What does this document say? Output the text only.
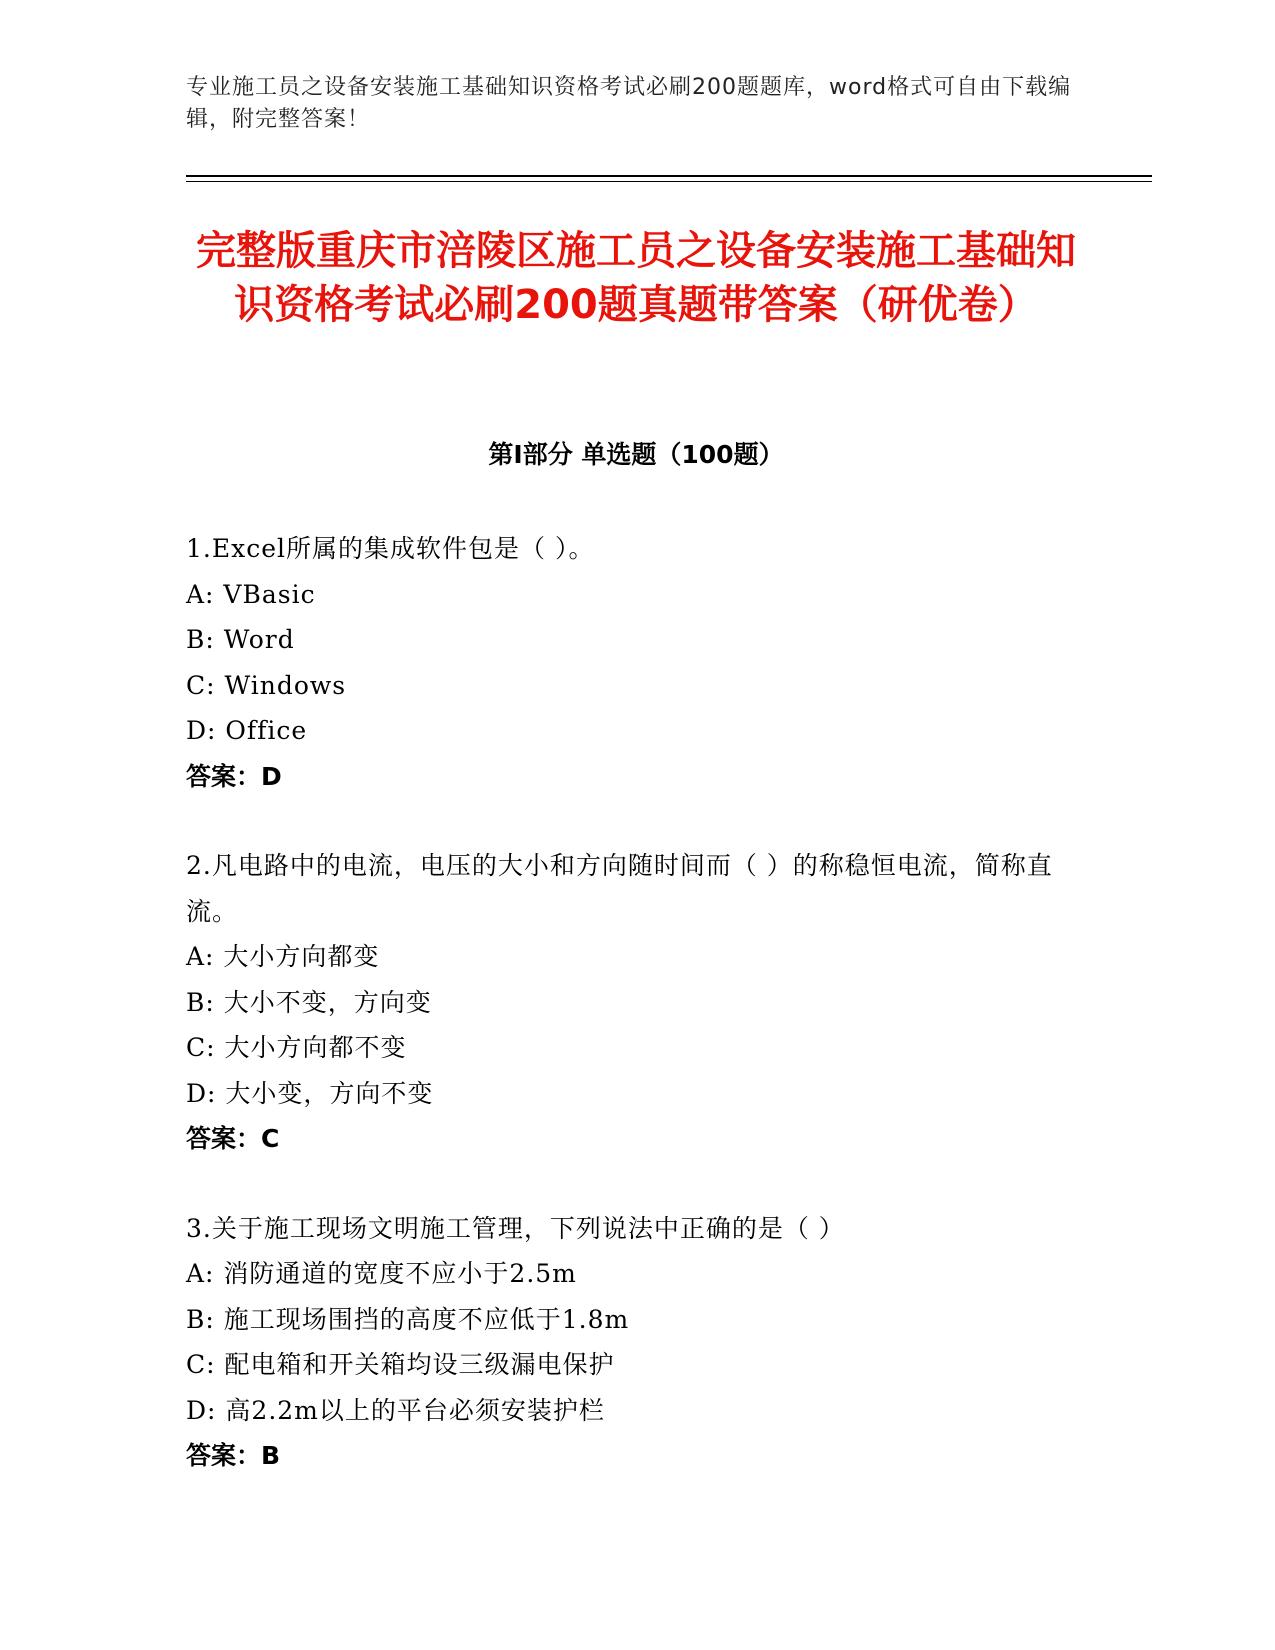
专业施工员之设备安装施工基础知识资格考试必刷200题题库，word格式可自由下载编辑，附完整答案！
完整版重庆市涪陵区施工员之设备安装施工基础知识资格考试必刷200题真题带答案（研优卷）
第I部分 单选题（100题）
1.Excel所属的集成软件包是（ ）。
A: VBasic
B: Word
C: Windows
D: Office
答案：D
2.凡电路中的电流，电压的大小和方向随时间而（ ）的称稳恒电流，简称直流。
A: 大小方向都变
B: 大小不变，方向变
C: 大小方向都不变
D: 大小变，方向不变
答案：C
3.关于施工现场文明施工管理，下列说法中正确的是（ ）
A: 消防通道的宽度不应小于2.5m
B: 施工现场围挡的高度不应低于1.8m
C: 配电箱和开关箱均设三级漏电保护
D: 高2.2m以上的平台必须安装护栏
答案：B
